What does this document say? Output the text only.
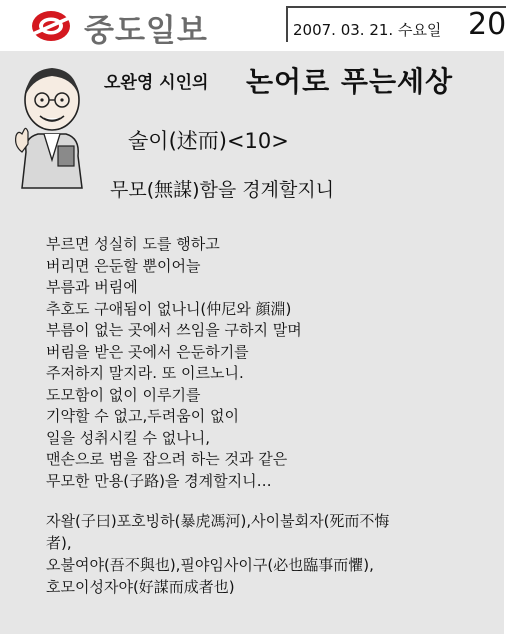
중도일보	2007. 03. 21. 수요일 20
오완영 시인의 논어로 푸는세상
술이(述而)<10>
무모(無謀)함을 경계할지니
부르면 성실히 도를 행하고
버리면 은둔할 뿐이어늘
부름과 버림에
추호도 구애됨이 없나니(仲尼와 顔淵)
부름이 없는 곳에서 쓰임을 구하지 말며
버림을 받은 곳에서 은둔하기를
주저하지 말지라. 또 이르노니.
도모함이 없이 이루기를
기약할 수 없고,두려움이 없이
일을 성취시킬 수 없나니,
맨손으로 범을 잡으려 하는 것과 같은
무모한 만용(子路)을 경계할지니…
자왈(子曰)포호빙하(暴虎馮河),사이불회자(死而不悔
者),
오불여야(吾不與也),필야임사이구(必也臨事而懼),
호모이성자야(好謀而成者也)
